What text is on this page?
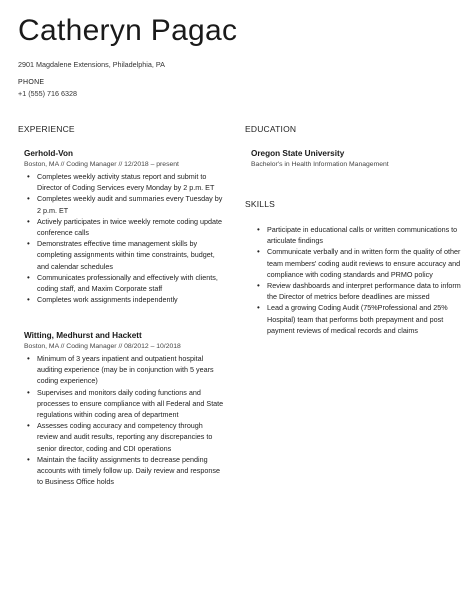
Catheryn Pagac
2901 Magdalene Extensions, Philadelphia, PA
PHONE
+1 (555) 716 6328
EXPERIENCE	EDUCATION
SKILLS
Gerhold-Von
Boston, MA // Coding Manager // 12/2018 – present
• Completes weekly activity status report and submit to Director of Coding Services every Monday by 2 p.m. ET
• Completes weekly audit and summaries every Tuesday by 2 p.m. ET
• Actively participates in twice weekly remote coding update conference calls
• Demonstrates effective time management skills by completing assignments within time constraints, budget, and calendar schedules
• Communicates professionally and effectively with clients, coding staff, and Maxim Corporate staff
• Completes work assignments independently
Witting, Medhurst and Hackett
Boston, MA // Coding Manager // 08/2012 – 10/2018
• Minimum of 3 years inpatient and outpatient hospital auditing experience (may be in conjunction with 5 years coding experience)
• Supervises and monitors daily coding functions and processes to ensure compliance with all Federal and State regulations within coding area of department
• Assesses coding accuracy and competency through review and audit results, reporting any discrepancies to senior director, coding and CDI operations
• Maintain the facility assignments to decrease pending accounts with timely follow up. Daily review and response to Business Office holds
Oregon State University
Bachelor's in Health Information Management
• Participate in educational calls or written communications to articulate findings
• Communicate verbally and in written form the quality of other team members' coding audit reviews to ensure accuracy and compliance with coding standards and PRMO policy
• Review dashboards and interpret performance data to inform the Director of metrics before deadlines are missed
• Lead a growing Coding Audit (75%Professional and 25% Hospital) team that performs both prepayment and post payment reviews of medical records and claims
